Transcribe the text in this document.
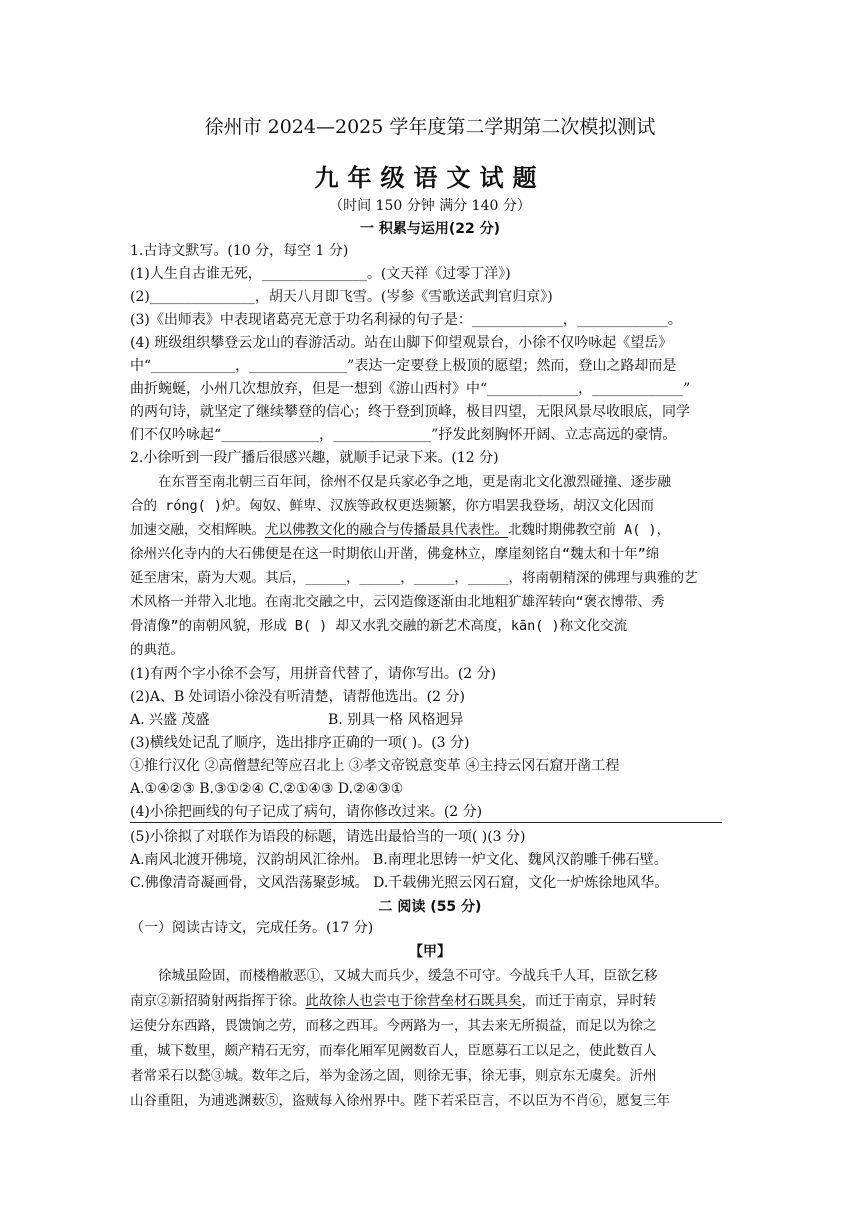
徐州市 2024—2025 学年度第二学期第二次模拟测试
九年级语文试题
（时间 150 分钟 满分 140 分）
一 积累与运用(22 分)
1.古诗文默写。(10 分，每空 1 分)
(1)人生自古谁无死，_______________。(文天祥《过零丁洋》)
(2)_______________，胡天八月即飞雪。(岑参《雪歌送武判官归京》)
(3)《出师表》中表现诸葛亮无意于功名利禄的句子是：_____________，_____________。
(4) 班级组织攀登云龙山的春游活动。站在山脚下仰望观景台，小徐不仅吟咏起《望岳》
中“____________，______________”表达一定要登上极顶的愿望；然而，登山之路却而是
曲折蜿蜒，小州几次想放弃，但是一想到《游山西村》中“_____________，_____________”
的两句诗，就坚定了继续攀登的信心；终于登到顶峰，极目四望，无限风景尽收眼底，同学
们不仅吟咏起“______________，______________”抒发此刻胸怀开阔、立志高远的豪情。
2.小徐听到一段广播后很感兴趣，就顺手记录下来。(12 分)
在东晋至南北朝三百年间，徐州不仅是兵家必争之地，更是南北文化激烈碰撞、逐步融
合的 róng( )炉。匈奴、鲜卑、汉族等政权更迭频繁，你方唱罢我登场，胡汉文化因而
加速交融，交相辉映。尤以佛教文化的融合与传播最具代表性。北魏时期佛教空前 A( )，
徐州兴化寺内的大石佛便是在这一时期依山开凿，佛龛林立，摩崖刻铭自“魏太和十年”绵
延至唐宋，蔚为大观。其后，_____，_____，_____，_____，将南朝精深的佛理与典雅的艺
术风格一并带入北地。在南北交融之中，云冈造像逐渐由北地粗犷雄浑转向“褒衣博带、秀
骨清像”的南朝风貌，形成 B( ) 却又水乳交融的新艺术高度，kān( )称文化交流
的典范。
(1)有两个字小徐不会写，用拼音代替了，请你写出。(2 分)
(2)A、B 处词语小徐没有听清楚，请帮他选出。(2 分)
A. 兴盛 茂盛	B. 别具一格 风格迥异
(3)横线处记乱了顺序，选出排序正确的一项( )。(3 分)
①推行汉化 ②高僧慧纪等应召北上 ③孝文帝锐意变革 ④主持云冈石窟开凿工程
A.①④②③ B.③①②④ C.②①④③ D.②④③①
(4)小徐把画线的句子记成了病句，请你修改过来。(2 分)
(5)小徐拟了对联作为语段的标题，请选出最恰当的一项( )(3 分)
A.南风北渡开佛境，汉韵胡风汇徐州。 B.南理北思铸一炉文化、魏风汉韵雕千佛石壁。
C.佛像清奇凝画骨，文风浩荡聚彭城。 D.千载佛光照云冈石窟，文化一炉炼徐地风华。
二 阅读 (55 分)
（一）阅读古诗文，完成任务。(17 分)
【甲】
徐城虽险固，而楼橹敝恶①，又城大而兵少，缓急不可守。今战兵千人耳，臣欲乞移
南京②新招骑射两指挥于徐。此故徐人也尝屯于徐营垒材石既具矣，而迁于南京，异时转
运使分东西路，畏馈饷之劳，而移之西耳。今两路为一，其去来无所损益，而足以为徐之
重，城下数里，颇产精石无穷，而奉化厢军见阙数百人，臣愿募石工以足之，使此数百人
者常采石以甃③城。数年之后，举为金汤之固，则徐无事，徐无事，则京东无虞矣。沂州
山谷重阻，为逋逃渊薮⑤，盗贼每入徐州界中。陛下若采臣言，不以臣为不肖⑥，愿复三年
